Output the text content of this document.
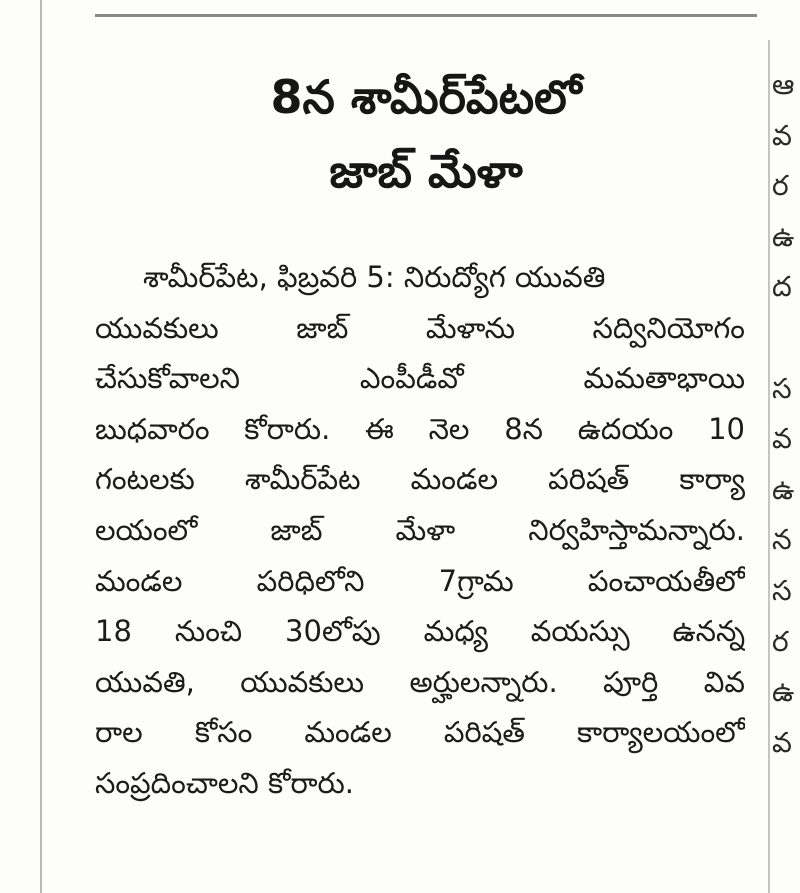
8న శామీర్‌పేటలో
జాబ్ మేళా
శామీర్‌పేట, ఫిబ్రవరి 5: నిరుద్యోగ యువతి
యువకులు జాబ్ మేళాను సద్వినియోగం
చేసుకోవాలని ఎంపీడీవో మమతాభాయి
బుధవారం కోరారు. ఈ నెల 8న ఉదయం 10
గంటలకు శామీర్‌పేట మండల పరిషత్ కార్యా
లయంలో జాబ్ మేళా నిర్వహిస్తామన్నారు.
మండల పరిధిలోని 7గ్రామ పంచాయతీలో
18 నుంచి 30లోపు మధ్య వయస్సు ఉనన్న
యువతి, యువకులు అర్హులన్నారు. పూర్తి వివ
రాల కోసం మండల పరిషత్ కార్యాలయంలో
సంప్రదించాలని కోరారు.
ఆ
వ
ర
ఉ
ద

స
వ
ఉ
న
స
ర
ఉ
వ
